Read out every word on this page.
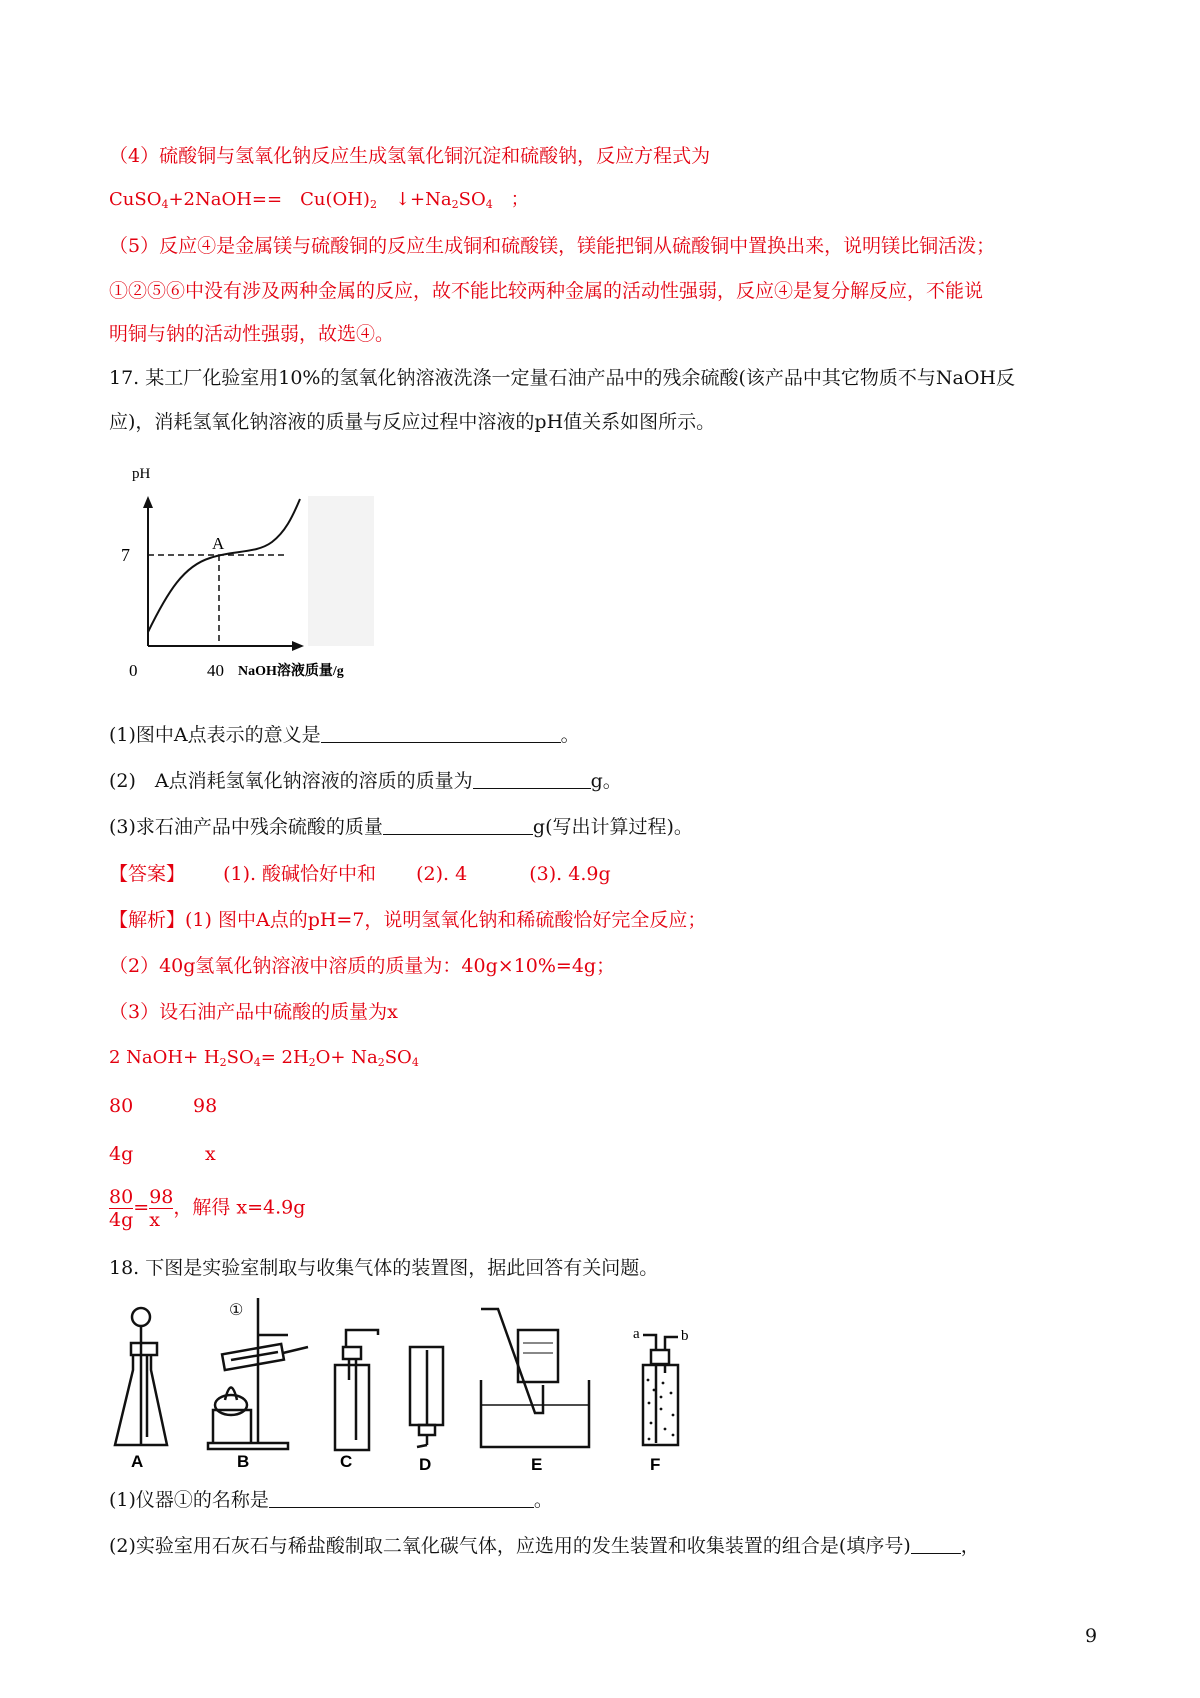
（4）硫酸铜与氢氧化钠反应生成氢氧化铜沉淀和硫酸钠，反应方程式为
CuSO$_4$+2NaOH==　$Cu(OH)_2$　$↓+Na_2SO_4$　；
（5）反应④是金属镁与硫酸铜的反应生成铜和硫酸镁，镁能把铜从硫酸铜中置换出来，说明镁比铜活泼；
①②⑤⑥中没有涉及两种金属的反应，故不能比较两种金属的活动性强弱，反应④是复分解反应，不能说
明铜与钠的活动性强弱，故选④。
17. 某工厂化验室用10%的氢氧化钠溶液洗涤一定量石油产品中的残余硫酸(该产品中其它物质不与NaOH反
应)，消耗氢氧化钠溶液的质量与反应过程中溶液的pH值关系如图所示。
pH
7
A
0	40 NaOH溶液质量/g
(1)图中A点表示的意义是	。
(2)　A点消耗氢氧化钠溶液的溶质的质量为	g。
(3)求石油产品中残余硫酸的质量	g(写出计算过程)。
【答案】 (1). 酸碱恰好中和 (2). 4	(3). 4.9g
【解析】(1) 图中A点的pH=7，说明氢氧化钠和稀硫酸恰好完全反应；
（2）40g氢氧化钠溶液中溶质的质量为：40g×10%=4g；
（3）设石油产品中硫酸的质量为x
2 NaOH+ $H_2SO_4= 2H_2O+ Na_2SO_4$
80	98
4g	x
$\frac{80}{4g} = \frac{98}{x}$ ，解得 x=4.9g
18. 下图是实验室制取与收集气体的装置图，据此回答有关问题。
A
①
B	C	D	E
a	b
F
(1)仪器①的名称是	。
(2)实验室用石灰石与稀盐酸制取二氧化碳气体，应选用的发生装置和收集装置的组合是(填序号)	，
9
